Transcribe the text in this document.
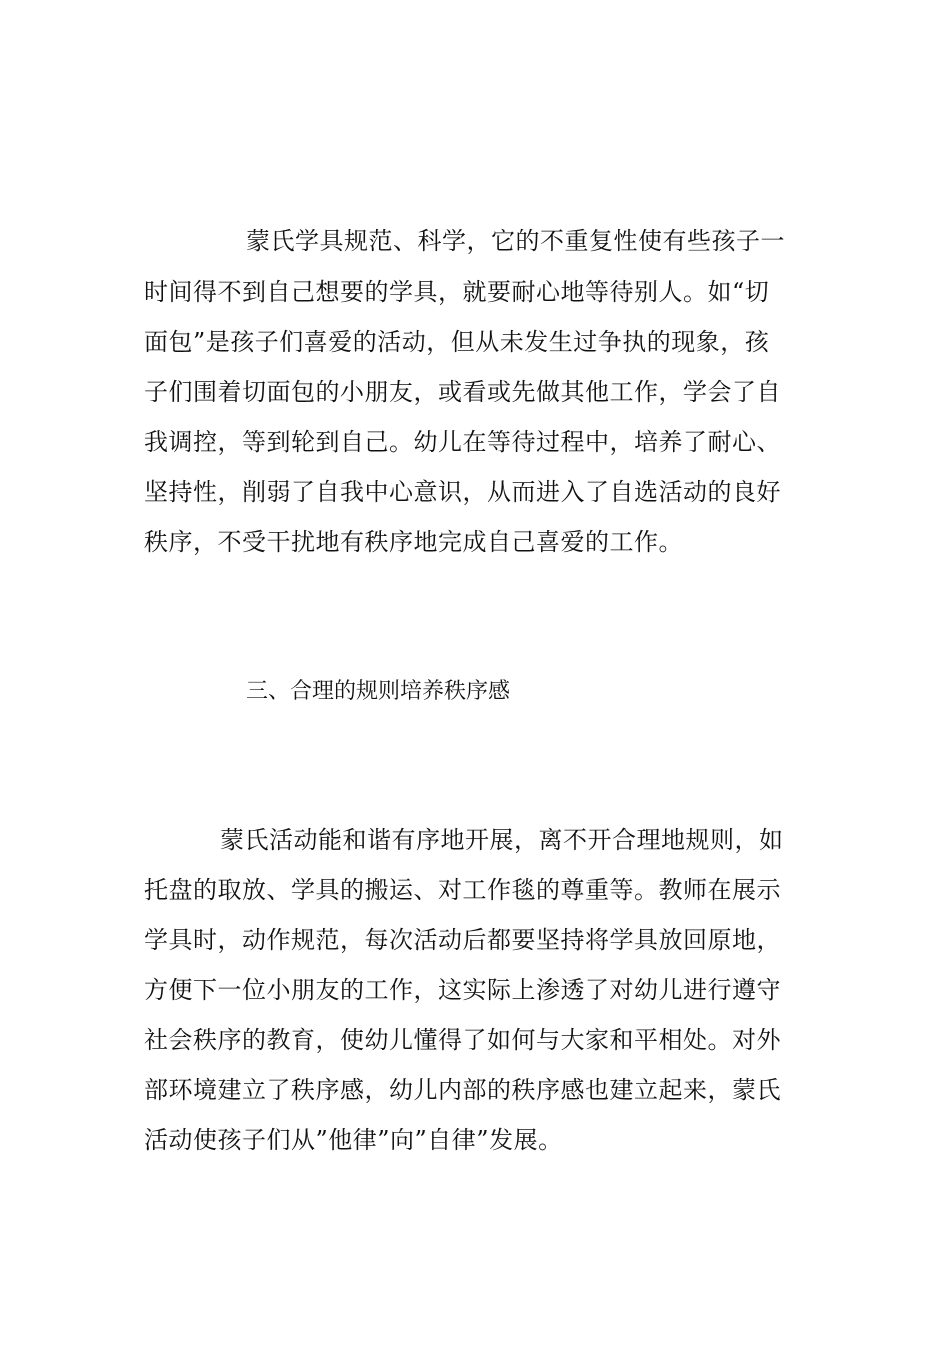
蒙氏学具规范、科学，它的不重复性使有些孩子一
时间得不到自己想要的学具，就要耐心地等待别人。如“切
面包”是孩子们喜爱的活动，但从未发生过争执的现象，孩
子们围着切面包的小朋友，或看或先做其他工作，学会了自
我调控，等到轮到自己。幼儿在等待过程中，培养了耐心、
坚持性，削弱了自我中心意识，从而进入了自选活动的良好
秩序，不受干扰地有秩序地完成自己喜爱的工作。
三、合理的规则培养秩序感
蒙氏活动能和谐有序地开展，离不开合理地规则，如
托盘的取放、学具的搬运、对工作毯的尊重等。教师在展示
学具时，动作规范，每次活动后都要坚持将学具放回原地，
方便下一位小朋友的工作，这实际上渗透了对幼儿进行遵守
社会秩序的教育，使幼儿懂得了如何与大家和平相处。对外
部环境建立了秩序感，幼儿内部的秩序感也建立起来，蒙氏
活动使孩子们从”他律”向”自律”发展。
